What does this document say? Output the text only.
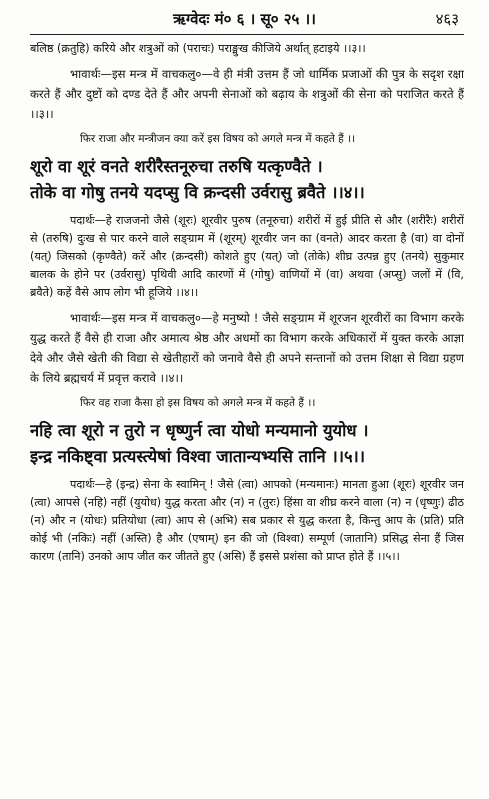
ऋग्वेदः मं० ६ । सू० २५ ।।	४६३

बलिष्ठ (क्रतुहि) करिये और शत्रुओं को (पराचः) पराङ्मुख कीजिये अर्थात् हटाइये ।।३।।

भावार्थः—इस मन्त्र में वाचकलु०—वे ही मंत्री उत्तम हैं जो धार्मिक प्रजाओं की पुत्र के सदृश रक्षा करते हैं और दुष्टों को दण्ड देते हैं और अपनी सेनाओं को बढ़ाय के शत्रुओं की सेना को पराजित करते हैं ।।३।।

फिर राजा और मन्त्रीजन क्या करें इस विषय को अगले मन्त्र में कहते हैं ।।

शूरो वा शूरं वनते शरीरैस्तनूरुचा तरुषि यत्कृण्वैते ।

तोके वा गोषु तनये यदप्सु वि क्रन्दसी उर्वरासु ब्रवैते ।।४।।

पदार्थः—हे राजजनो जैसे (शूरः) शूरवीर पुरुष (तनूरुचा) शरीरों में हुई प्रीति से और (शरीरैः) शरीरों से (तरुषि) दुःख से पार करने वाले सङ्ग्राम में (शूरम्) शूरवीर जन का (वनते) आदर करता है (वा) वा दोनों (यत्) जिसको (कृण्वैते) करें और (क्रन्दसी) कोशते हुए (यत्) जो (तोके) शीघ्र उत्पन्न हुए (तनये) सुकुमार बालक के होने पर (उर्वरासु) पृथिवी आदि कारणों में (गोषु) वाणियों में (वा) अथवा (अप्सु) जलों में (वि, ब्रवैते) कहें वैसे आप लोग भी हूजिये ।।४।।

भावार्थः—इस मन्त्र में वाचकलु०—हे मनुष्यो ! जैसे सङ्ग्राम में शूरजन शूरवीरों का विभाग करके युद्ध करते हैं वैसे ही राजा और अमात्य श्रेष्ठ और अधमों का विभाग करके अधिकारों में युक्त करके आज्ञा देवे और जैसे खेती की विद्या से खेतीहारों को जनावे वैसे ही अपने सन्तानों को उत्तम शिक्षा से विद्या ग्रहण के लिये ब्रह्मचर्य में प्रवृत्त करावे ।।४।।

फिर वह राजा कैसा हो इस विषय को अगले मन्त्र में कहते हैं ।।

नहि त्वा शूरो न तुरो न धृष्णुर्न त्वा योधो मन्यमानो युयोध ।

इन्द्र नकिष्ट्वा प्रत्यस्त्येषां विश्वा जातान्यभ्यसि तानि ।।५।।

पदार्थः—हे (इन्द्र) सेना के स्वामिन् ! जैसे (त्वा) आपको (मन्यमानः) मानता हुआ (शूरः) शूरवीर जन (त्वा) आपसे (नहि) नहीं (युयोध) युद्ध करता और (न) न (तुरः) हिंसा वा शीघ्र करने वाला (न) न (धृष्णुः) ढीठ (न) और न (योधः) प्रतियोधा (त्वा) आप से (अभि) सब प्रकार से युद्ध करता है, किन्तु आप के (प्रति) प्रति कोई भी (नकिः) नहीं (अस्ति) है और (एषाम्) इन की जो (विश्वा) सम्पूर्ण (जातानि) प्रसिद्ध सेना हैं जिस कारण (तानि) उनको आप जीत कर जीतते हुए (असि) हैं इससे प्रशंसा को प्राप्त होते हैं ।।५।।
